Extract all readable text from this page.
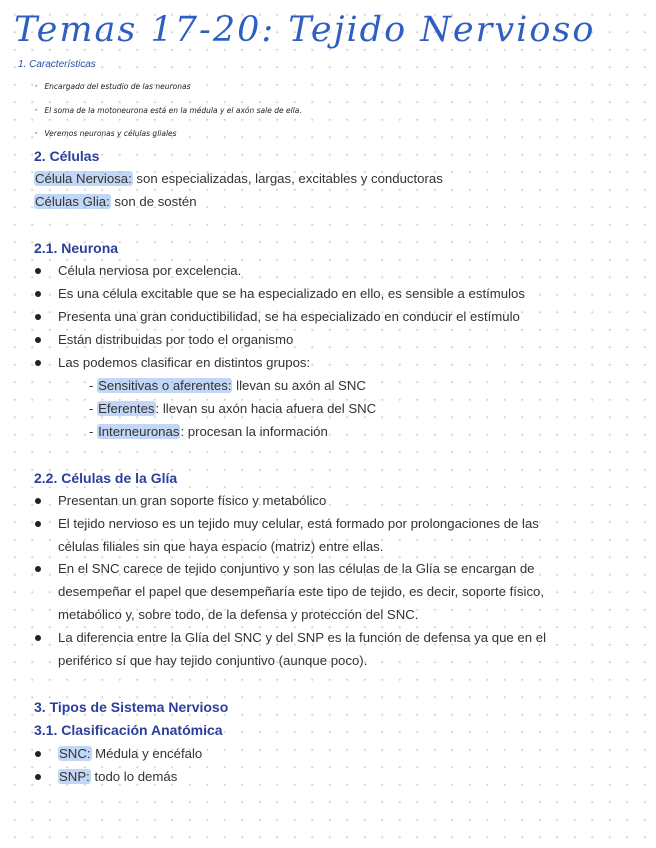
Temas 17-20: Tejido Nervioso
1. Características
• Encargado del estudio de las neuronas
• El soma de la motoneurona está en la médula y el axón sale de ella.
• Veremos neuronas y células gliales
2. Células
Célula Nerviosa: son especializadas, largas, excitables y conductoras
Células Glia: son de sostén
2.1. Neurona
Célula nerviosa por excelencia.
Es una célula excitable que se ha especializado en ello, es sensible a estímulos
Presenta una gran conductibilidad, se ha especializado en conducir el estímulo
Están distribuidas por todo el organismo
Las podemos clasificar en distintos grupos:
- Sensitivas o aferentes: llevan su axón al SNC
- Eferentes: llevan su axón hacia afuera del SNC
- Interneuronas: procesan la información
2.2. Células de la Glía
Presentan un gran soporte físico y metabólico
El tejido nervioso es un tejido muy celular, está formado por prolongaciones de las
células filiales sin que haya espacio (matriz) entre ellas.
En el SNC carece de tejido conjuntivo y son las células de la Glía se encargan de
desempeñar el papel que desempeñaría este tipo de tejido, es decir, soporte físico,
metabólico y, sobre todo, de la defensa y protección del SNC.
La diferencia entre la Glía del SNC y del SNP es la función de defensa ya que en el
periférico sí que hay tejido conjuntivo (aunque poco).
3. Tipos de Sistema Nervioso
3.1. Clasificación Anatómica
SNC: Médula y encéfalo
SNP: todo lo demás
